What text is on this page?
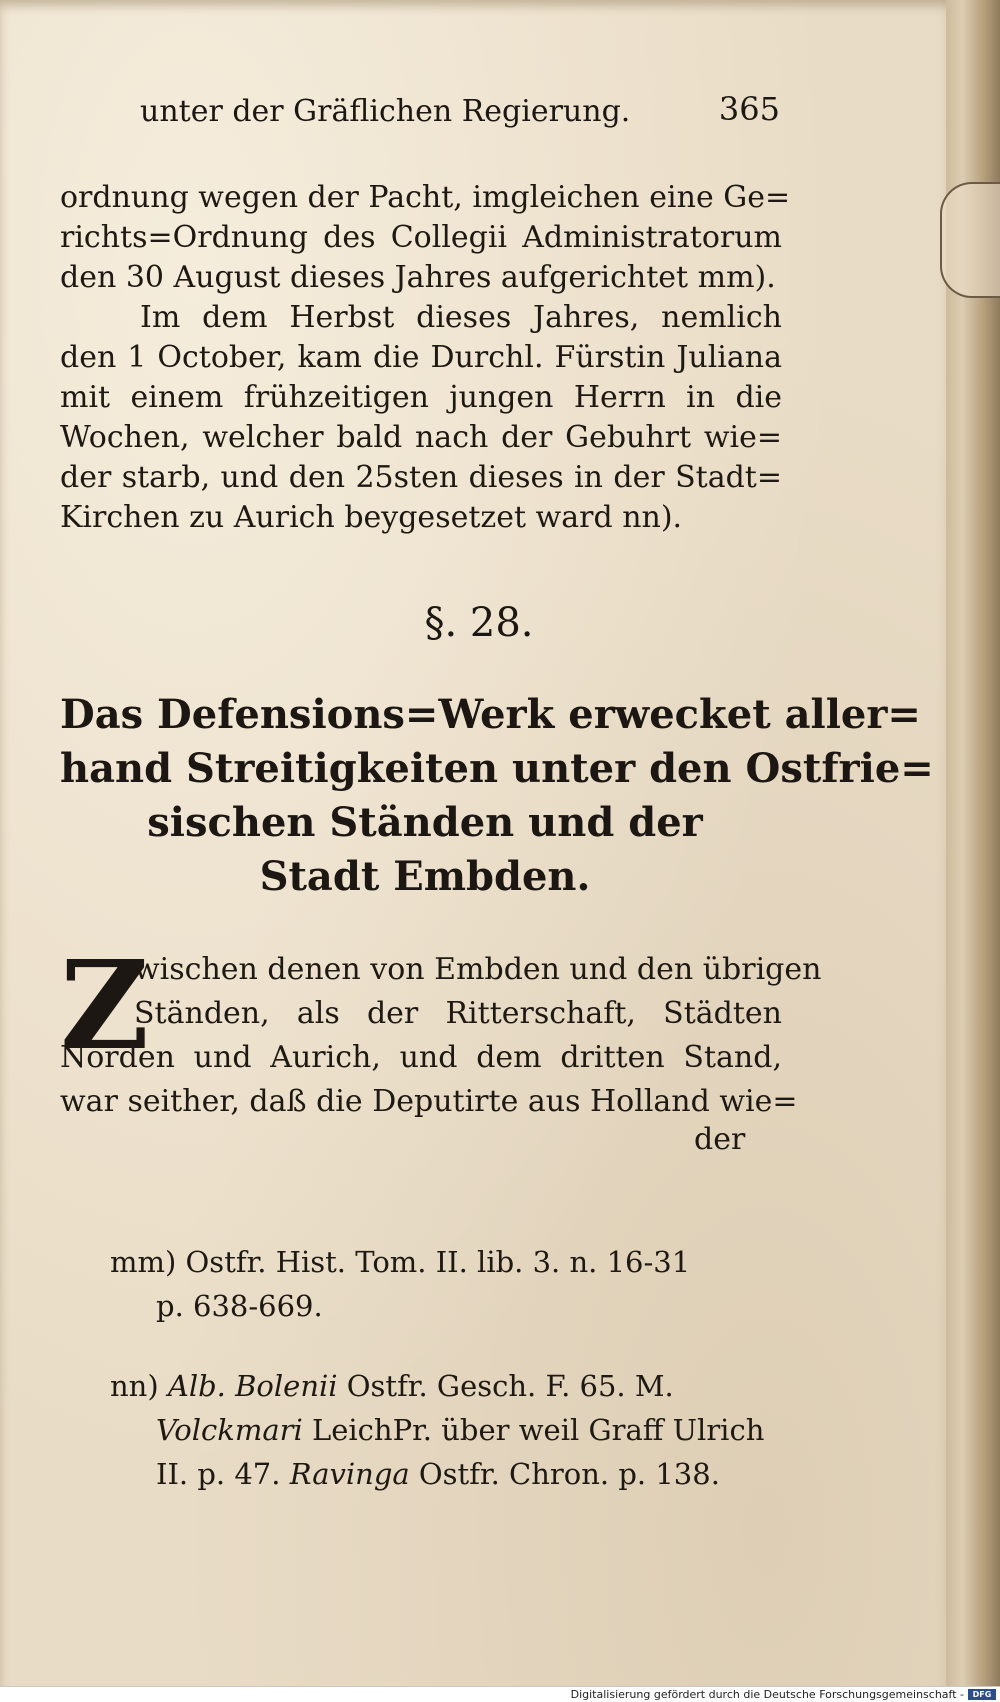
unter der Gräflichen Regierung.	365
ordnung wegen der Pacht, imgleichen eine Ge=
richts=Ordnung des Collegii Administratorum
den 30 August dieses Jahres aufgerichtet mm).
Im dem Herbst dieses Jahres, nemlich
den 1 October, kam die Durchl. Fürstin Juliana
mit einem frühzeitigen jungen Herrn in die
Wochen, welcher bald nach der Gebuhrt wie=
der starb, und den 25sten dieses in der Stadt=
Kirchen zu Aurich beygesetzet ward nn).
§. 28.
Das Defensions=Werk erwecket aller=
hand Streitigkeiten unter den Ostfrie=
sischen Ständen und der
Stadt Embden.
Z
wischen denen von Embden und den übrigen
Ständen, als der Ritterschaft, Städten
Norden und Aurich, und dem dritten Stand,
war seither, daß die Deputirte aus Holland wie=
der
mm) Ostfr. Hist. Tom. II. lib. 3. n. 16-31
p. 638-669.
nn) Alb. Bolenii Ostfr. Gesch. F. 65. M.
Volckmari LeichPr. über weil Graff Ulrich
II. p. 47. Ravinga Ostfr. Chron. p. 138.
Digitalisierung gefördert durch die Deutsche Forschungsgemeinschaft -	DFG
